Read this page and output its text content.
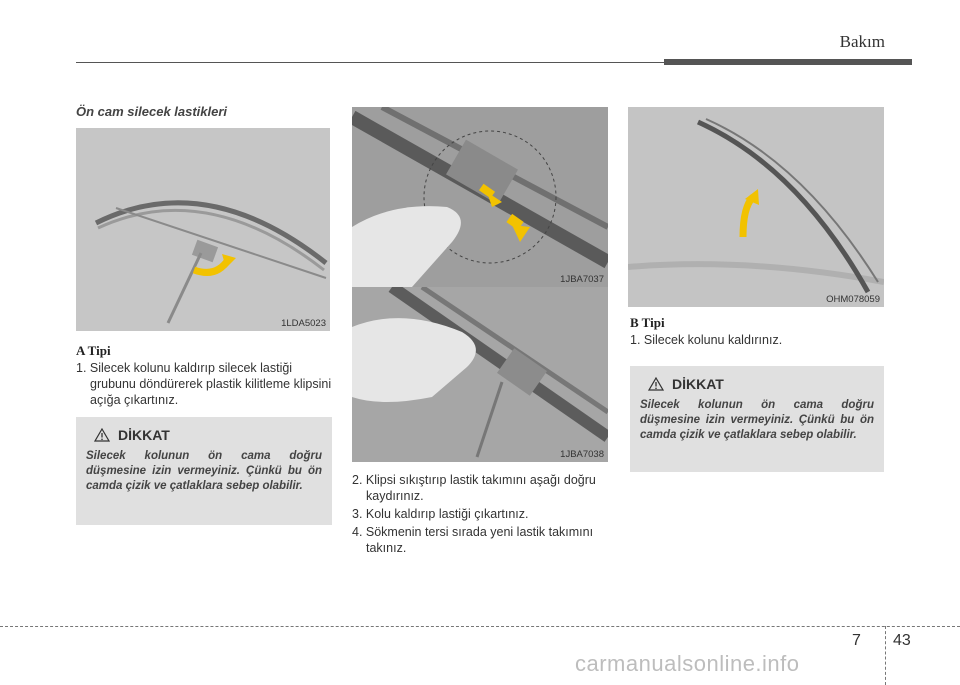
Bakım
Ön cam silecek lastikleri
1LDA5023
A Tipi
1. Silecek kolunu kaldırıp silecek lastiği grubunu döndürerek plastik kilitleme klipsini açığa çıkartınız.
DİKKAT
Silecek kolunun ön cama doğru düşmesine izin vermeyiniz. Çünkü bu ön camda çizik ve çatlaklara sebep olabilir.
1JBA7037
1JBA7038
2. Klipsi sıkıştırıp lastik takımını aşağı doğru kaydırınız.
3. Kolu kaldırıp lastiği çıkartınız.
4. Sökmenin tersi sırada yeni lastik takımını takınız.
OHM078059
B Tipi
1. Silecek kolunu kaldırınız.
DİKKAT
Silecek kolunun ön cama doğru düşmesine izin vermeyiniz. Çünkü bu ön camda çizik ve çatlaklara sebep olabilir.
7 43
carmanualsonline.info
